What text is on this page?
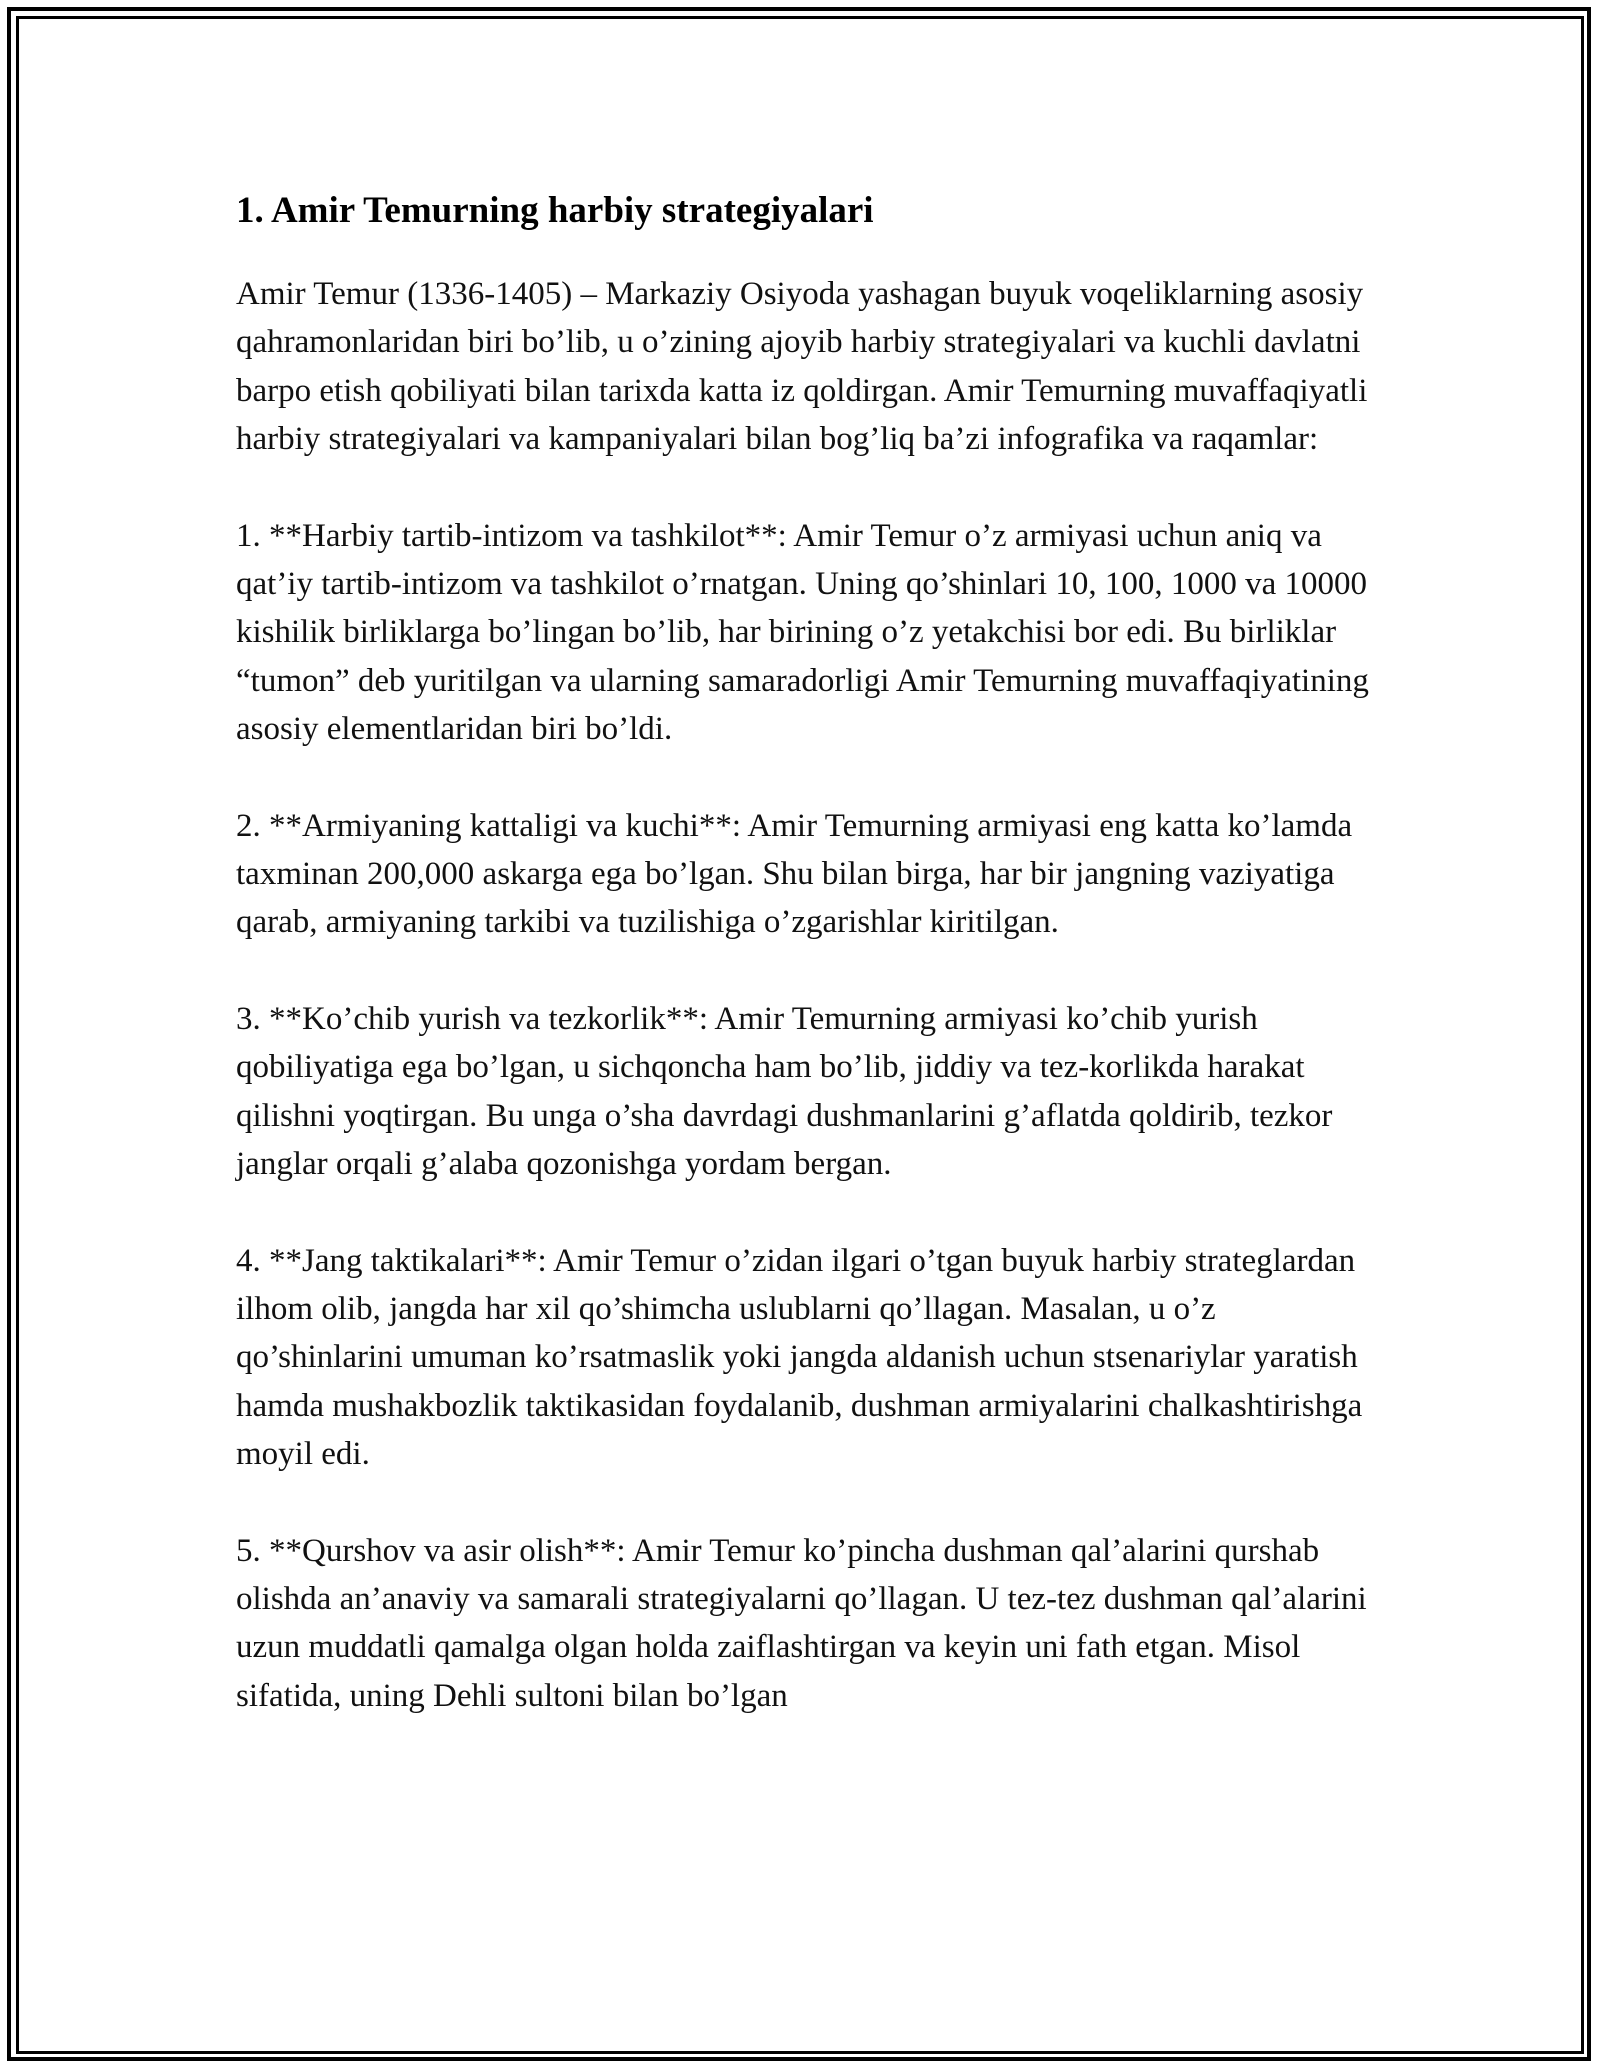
1. Amir Temurning harbiy strategiyalari

Amir Temur (1336-1405) – Markaziy Osiyoda yashagan buyuk voqeliklarning asosiy qahramonlaridan biri bo’lib, u o’zining ajoyib harbiy strategiyalari va kuchli davlatni barpo etish qobiliyati bilan tarixda katta iz qoldirgan. Amir Temurning muvaffaqiyatli harbiy strategiyalari va kampaniyalari bilan bog’liq ba’zi infografika va raqamlar:

1. **Harbiy tartib-intizom va tashkilot**: Amir Temur o’z armiyasi uchun aniq va qat’iy tartib-intizom va tashkilot o’rnatgan. Uning qo’shinlari 10, 100, 1000 va 10000 kishilik birliklarga bo’lingan bo’lib, har birining o’z yetakchisi bor edi. Bu birliklar “tumon” deb yuritilgan va ularning samaradorligi Amir Temurning muvaffaqiyatining asosiy elementlaridan biri bo’ldi.

2. **Armiyaning kattaligi va kuchi**: Amir Temurning armiyasi eng katta ko’lamda taxminan 200,000 askarga ega bo’lgan. Shu bilan birga, har bir jangning vaziyatiga qarab, armiyaning tarkibi va tuzilishiga o’zgarishlar kiritilgan.

3. **Ko’chib yurish va tezkorlik**: Amir Temurning armiyasi ko’chib yurish qobiliyatiga ega bo’lgan, u sichqoncha ham bo’lib, jiddiy va tez-korlikda harakat qilishni yoqtirgan. Bu unga o’sha davrdagi dushmanlarini g’aflatda qoldirib, tezkor janglar orqali g’alaba qozonishga yordam bergan.

4. **Jang taktikalari**: Amir Temur o’zidan ilgari o’tgan buyuk harbiy strateglardan ilhom olib, jangda har xil qo’shimcha uslublarni qo’llagan. Masalan, u o’z qo’shinlarini umuman ko’rsatmaslik yoki jangda aldanish uchun stsenariylar yaratish hamda mushakbozlik taktikasidan foydalanib, dushman armiyalarini chalkashtirishga moyil edi.

5. **Qurshov va asir olish**: Amir Temur ko’pincha dushman qal’alarini qurshab olishda an’anaviy va samarali strategiyalarni qo’llagan. U tez-tez dushman qal’alarini uzun muddatli qamalga olgan holda zaiflashtirgan va keyin uni fath etgan. Misol sifatida, uning Dehli sultoni bilan bo’lgan
